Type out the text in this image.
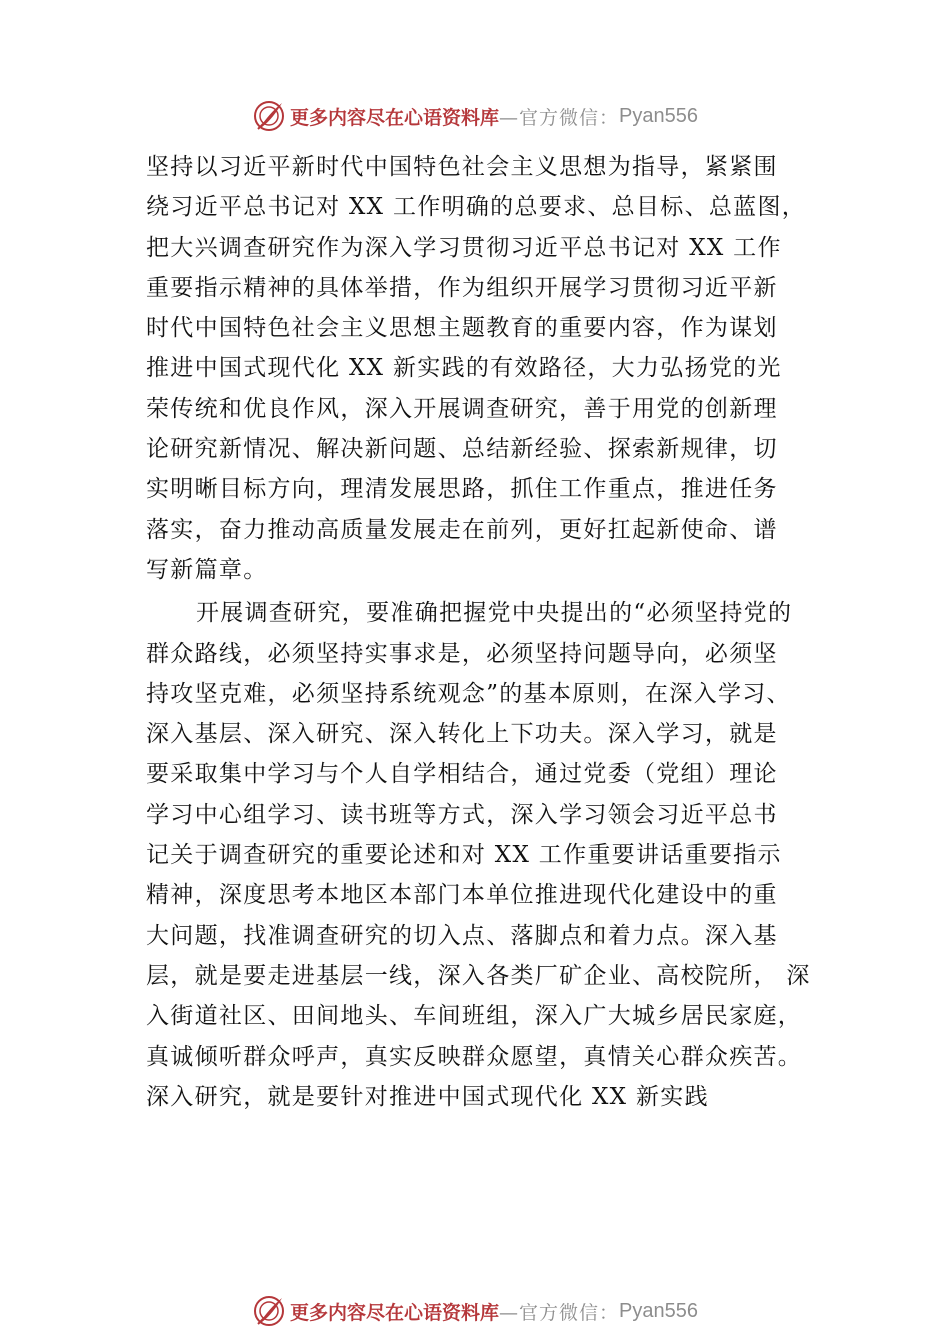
更多内容尽在心语资料库 —官方微信： Pyan556
坚持以习近平新时代中国特色社会主义思想为指导，紧紧围
绕习近平总书记对 XX 工作明确的总要求、总目标、总蓝图，
把大兴调查研究作为深入学习贯彻习近平总书记对 XX 工作
重要指示精神的具体举措，作为组织开展学习贯彻习近平新
时代中国特色社会主义思想主题教育的重要内容，作为谋划
推进中国式现代化 XX 新实践的有效路径，大力弘扬党的光
荣传统和优良作风，深入开展调查研究，善于用党的创新理
论研究新情况、解决新问题、总结新经验、探索新规律，切
实明晰目标方向，理清发展思路，抓住工作重点，推进任务
落实，奋力推动高质量发展走在前列，更好扛起新使命、谱
写新篇章。
开展调查研究，要准确把握党中央提出的“必须坚持党的
群众路线，必须坚持实事求是，必须坚持问题导向，必须坚
持攻坚克难，必须坚持系统观念”的基本原则，在深入学习、
深入基层、深入研究、深入转化上下功夫。深入学习，就是
要采取集中学习与个人自学相结合，通过党委（党组）理论
学习中心组学习、读书班等方式，深入学习领会习近平总书
记关于调查研究的重要论述和对 XX 工作重要讲话重要指示
精神，深度思考本地区本部门本单位推进现代化建设中的重
大问题，找准调查研究的切入点、落脚点和着力点。深入基
层，就是要走进基层一线，深入各类厂矿企业、高校院所， 深
入街道社区、田间地头、车间班组，深入广大城乡居民家庭，
真诚倾听群众呼声，真实反映群众愿望，真情关心群众疾苦。
深入研究，就是要针对推进中国式现代化 XX 新实践
更多内容尽在心语资料库 —官方微信： Pyan556
